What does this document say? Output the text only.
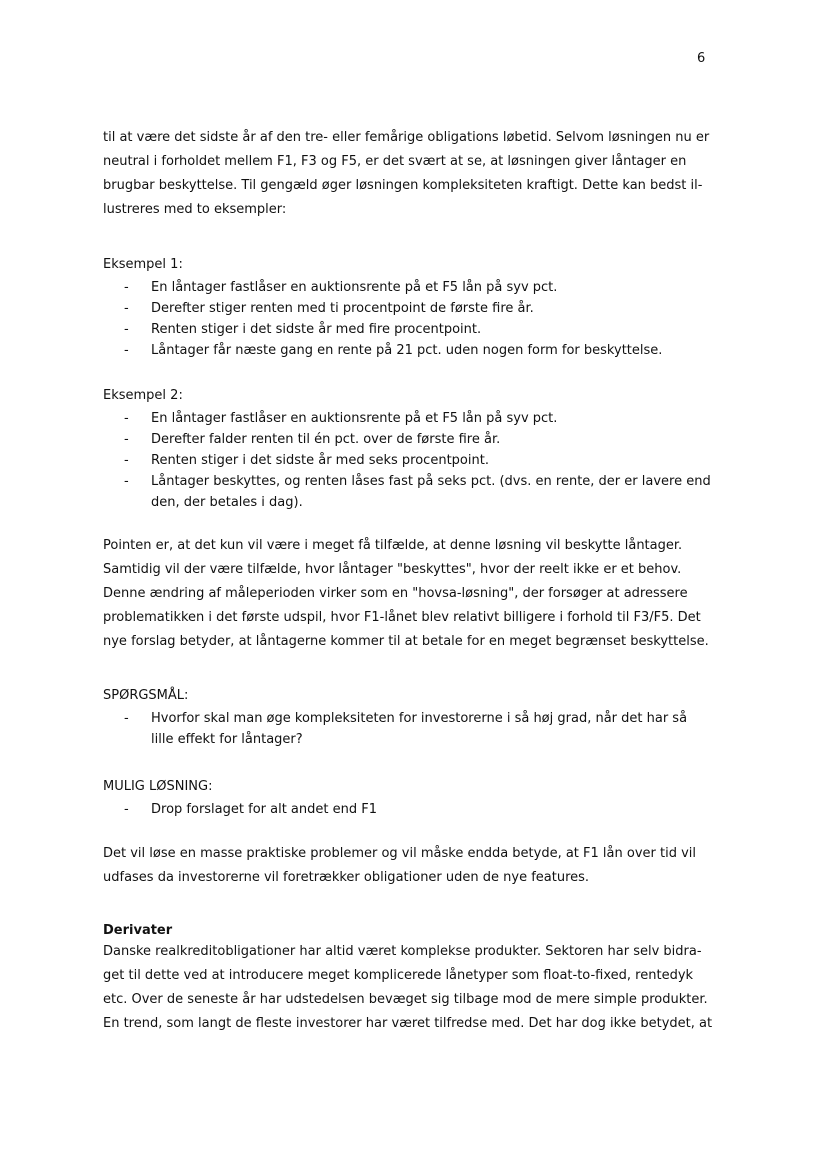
6

til at være det sidste år af den tre- eller femårige obligations løbetid. Selvom løsningen nu er
neutral i forholdet mellem F1, F3 og F5, er det svært at se, at løsningen giver låntager en
brugbar beskyttelse. Til gengæld øger løsningen kompleksiteten kraftigt. Dette kan bedst il-
lustreres med to eksempler:

Eksempel 1:

- En låntager fastlåser en auktionsrente på et F5 lån på syv pct.
- Derefter stiger renten med ti procentpoint de første fire år.
- Renten stiger i det sidste år med fire procentpoint.
- Låntager får næste gang en rente på 21 pct. uden nogen form for beskyttelse.

Eksempel 2:

- En låntager fastlåser en auktionsrente på et F5 lån på syv pct.
- Derefter falder renten til én pct. over de første fire år.
- Renten stiger i det sidste år med seks procentpoint.
- Låntager beskyttes, og renten låses fast på seks pct. (dvs. en rente, der er lavere end den, der betales i dag).

Pointen er, at det kun vil være i meget få tilfælde, at denne løsning vil beskytte låntager.
Samtidig vil der være tilfælde, hvor låntager "beskyttes", hvor der reelt ikke er et behov.
Denne ændring af måleperioden virker som en "hovsa-løsning", der forsøger at adressere
problematikken i det første udspil, hvor F1-lånet blev relativt billigere i forhold til F3/F5. Det
nye forslag betyder, at låntagerne kommer til at betale for en meget begrænset beskyttelse.

SPØRGSMÅL:

- Hvorfor skal man øge kompleksiteten for investorerne i så høj grad, når det har så lille effekt for låntager?

MULIG LØSNING:

- Drop forslaget for alt andet end F1

Det vil løse en masse praktiske problemer og vil måske endda betyde, at F1 lån over tid vil
udfases da investorerne vil foretrækker obligationer uden de nye features.

Derivater

Danske realkreditobligationer har altid været komplekse produkter. Sektoren har selv bidra-
get til dette ved at introducere meget komplicerede lånetyper som float-to-fixed, rentedyk
etc. Over de seneste år har udstedelsen bevæget sig tilbage mod de mere simple produkter.
En trend, som langt de fleste investorer har været tilfredse med. Det har dog ikke betydet, at
